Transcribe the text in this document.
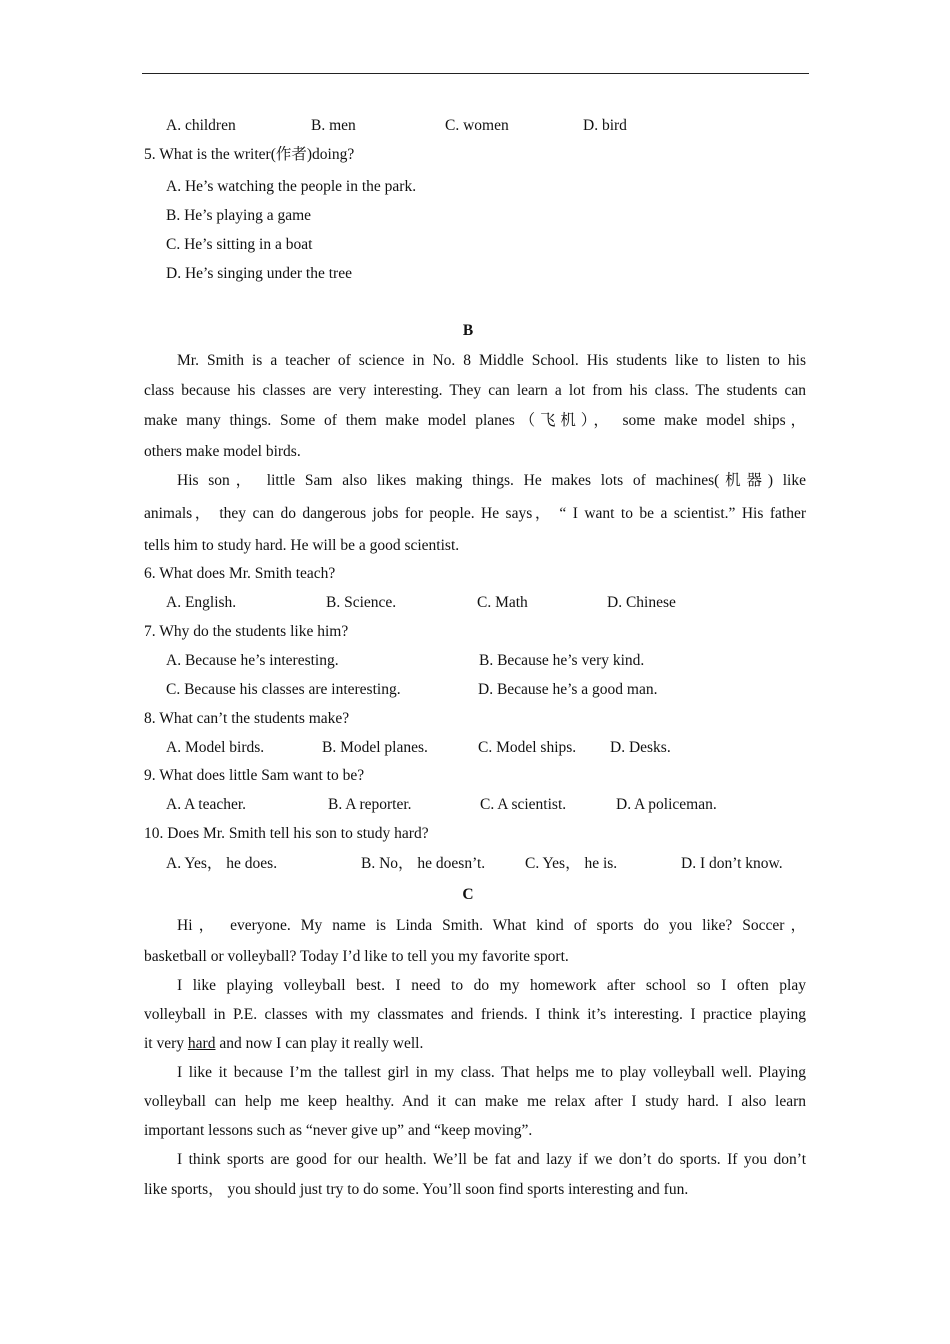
A. children	B. men	C. women	D. bird
5. What is the writer(作者)doing?
A. He’s watching the people in the park.
B. He’s playing a game
C. He’s sitting in a boat
D. He’s singing under the tree
B
Mr. Smith is a teacher of science in No. 8 Middle School. His students like to listen to his
class because his classes are very interesting. They can learn a lot from his class. The students can
make many things. Some of them make model planes（飞机）， some make model ships，
others make model birds.
His son， little Sam also likes making things. He makes lots of machines(机器) like
animals， they can do dangerous jobs for people. He says， “ I want to be a scientist.” His father
tells him to study hard. He will be a good scientist.
6. What does Mr. Smith teach?
A. English.	B. Science.	C. Math	D. Chinese
7. Why do the students like him?
A. Because he’s interesting.	B. Because he’s very kind.
C. Because his classes are interesting.	D. Because he’s a good man.
8. What can’t the students make?
A. Model birds.	B. Model planes.	C. Model ships. D. Desks.
9. What does little Sam want to be?
A. A teacher.	B. A reporter.	C. A scientist.	D. A policeman.
10. Does Mr. Smith tell his son to study hard?
A. Yes， he does.	B. No， he doesn’t.	C. Yes， he is.	D. I don’t know.
C
Hi， everyone. My name is Linda Smith. What kind of sports do you like? Soccer，
basketball or volleyball? Today I’d like to tell you my favorite sport.
I like playing volleyball best. I need to do my homework after school so I often play
volleyball in P.E. classes with my classmates and friends. I think it’s interesting. I practice playing
it very hard and now I can play it really well.
I like it because I’m the tallest girl in my class. That helps me to play volleyball well. Playing
volleyball can help me keep healthy. And it can make me relax after I study hard. I also learn
important lessons such as “never give up” and “keep moving”.
I think sports are good for our health. We’ll be fat and lazy if we don’t do sports. If you don’t
like sports， you should just try to do some. You’ll soon find sports interesting and fun.
